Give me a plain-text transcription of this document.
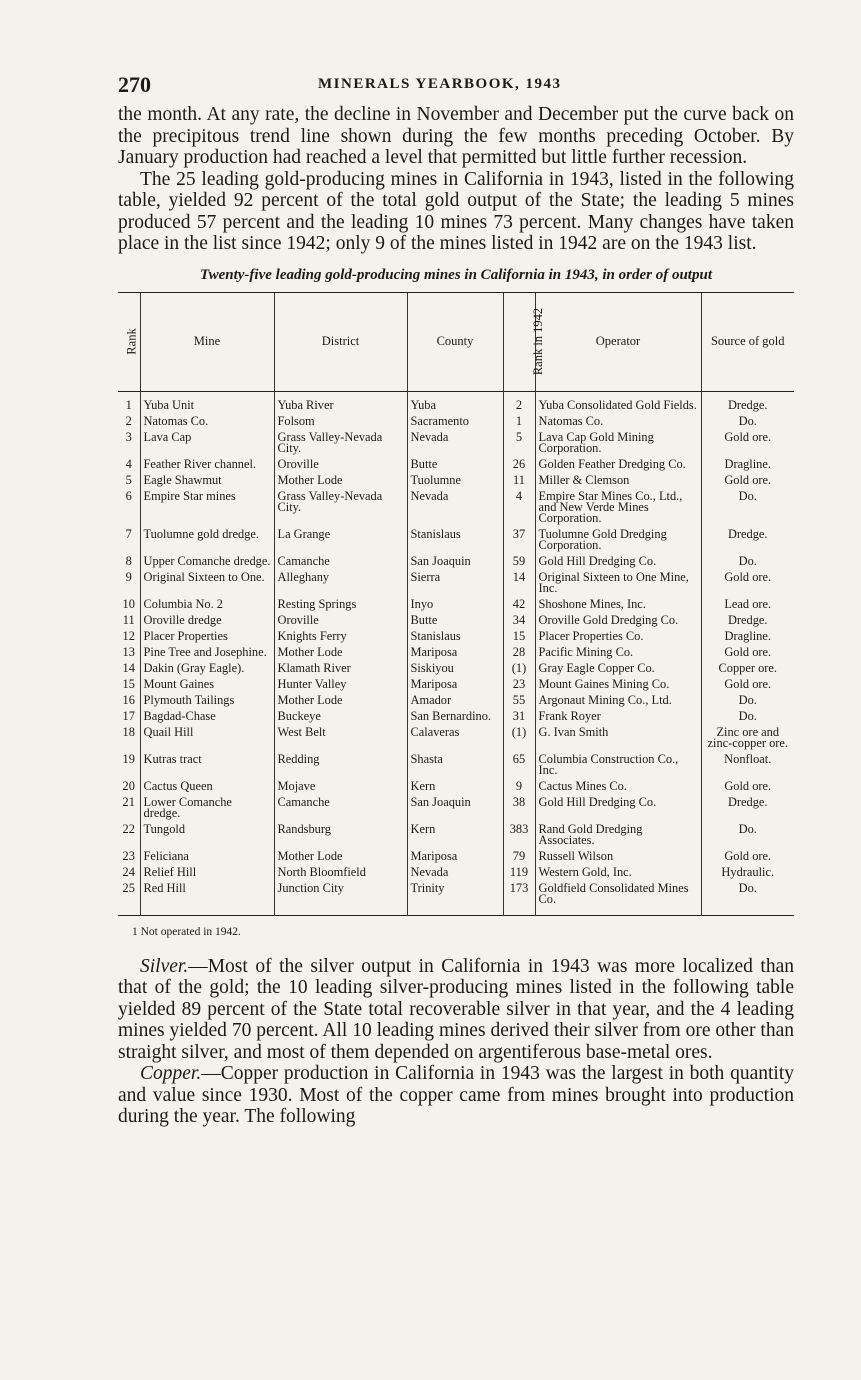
270	MINERALS YEARBOOK, 1943

the month. At any rate, the decline in November and December put the curve back on the precipitous trend line shown during the few months preceding October. By January production had reached a level that permitted but little further recession.

The 25 leading gold-producing mines in California in 1943, listed in the following table, yielded 92 percent of the total gold output of the State; the leading 5 mines produced 57 percent and the leading 10 mines 73 percent. Many changes have taken place in the list since 1942; only 9 of the mines listed in 1942 are on the 1943 list.

Twenty-five leading gold-producing mines in California in 1943, in order of output
Rank	Mine	District	County	Rank in 1942	Operator	Source of gold
1	Yuba Unit	Yuba River	Yuba	2	Yuba Consolidated Gold Fields.	Dredge.
2	Natomas Co.	Folsom	Sacramento	1	Natomas Co.	Do.
3	Lava Cap	Grass Valley-Nevada City.	Nevada	5	Lava Cap Gold Mining Corporation.	Gold ore.
4	Feather River channel.	Oroville	Butte	26	Golden Feather Dredging Co.	Dragline.
5	Eagle Shawmut	Mother Lode	Tuolumne	11	Miller & Clemson	Gold ore.
6	Empire Star mines	Grass Valley-Nevada City.	Nevada	4	Empire Star Mines Co., Ltd., and New Verde Mines Corporation.	Do.
7	Tuolumne gold dredge.	La Grange	Stanislaus	37	Tuolumne Gold Dredging Corporation.	Dredge.
8	Upper Comanche dredge.	Camanche	San Joaquin	59	Gold Hill Dredging Co.	Do.
9	Original Sixteen to One.	Alleghany	Sierra	14	Original Sixteen to One Mine, Inc.	Gold ore.
10	Columbia No. 2	Resting Springs	Inyo	42	Shoshone Mines, Inc.	Lead ore.
11	Oroville dredge	Oroville	Butte	34	Oroville Gold Dredging Co.	Dredge.
12	Placer Properties	Knights Ferry	Stanislaus	15	Placer Properties Co.	Dragline.
13	Pine Tree and Josephine.	Mother Lode	Mariposa	28	Pacific Mining Co.	Gold ore.
14	Dakin (Gray Eagle).	Klamath River	Siskiyou	(1)	Gray Eagle Copper Co.	Copper ore.
15	Mount Gaines	Hunter Valley	Mariposa	23	Mount Gaines Mining Co.	Gold ore.
16	Plymouth Tailings	Mother Lode	Amador	55	Argonaut Mining Co., Ltd.	Do.
17	Bagdad-Chase	Buckeye	San Bernardino.	31	Frank Royer	Do.
18	Quail Hill	West Belt	Calaveras	(1)	G. Ivan Smith	Zinc ore and zinc-copper ore.
19	Kutras tract	Redding	Shasta	65	Columbia Construction Co., Inc.	Nonfloat.
20	Cactus Queen	Mojave	Kern	9	Cactus Mines Co.	Gold ore.
21	Lower Comanche dredge.	Camanche	San Joaquin	38	Gold Hill Dredging Co.	Dredge.
22	Tungold	Randsburg	Kern	383	Rand Gold Dredging Associates.	Do.
23	Feliciana	Mother Lode	Mariposa	79	Russell Wilson	Gold ore.
24	Relief Hill	North Bloomfield	Nevada	119	Western Gold, Inc.	Hydraulic.
25	Red Hill	Junction City	Trinity	173	Goldfield Consolidated Mines Co.	Do.

1 Not operated in 1942.

Silver.—Most of the silver output in California in 1943 was more localized than that of the gold; the 10 leading silver-producing mines listed in the following table yielded 89 percent of the State total recoverable silver in that year, and the 4 leading mines yielded 70 percent. All 10 leading mines derived their silver from ore other than straight silver, and most of them depended on argentiferous base-metal ores.

Copper.—Copper production in California in 1943 was the largest in both quantity and value since 1930. Most of the copper came from mines brought into production during the year. The following
